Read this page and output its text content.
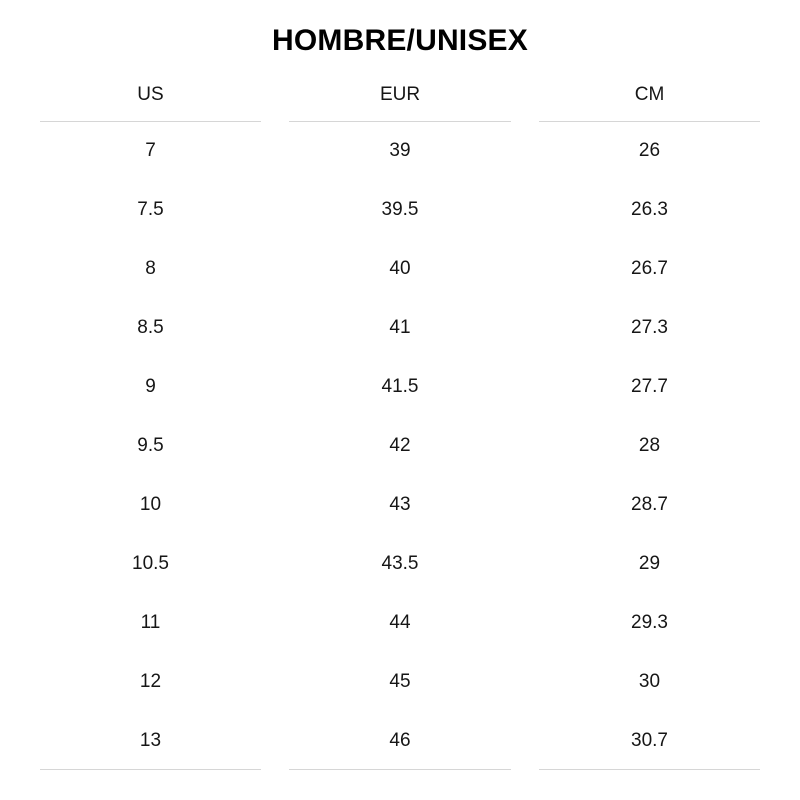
HOMBRE/UNISEX
US	EUR	CM

7	39	26
7.5	39.5	26.3
8	40	26.7
8.5	41	27.3
9	41.5	27.7
9.5	42	28
10	43	28.7
10.5	43.5	29
11	44	29.3
12	45	30
13	46	30.7
